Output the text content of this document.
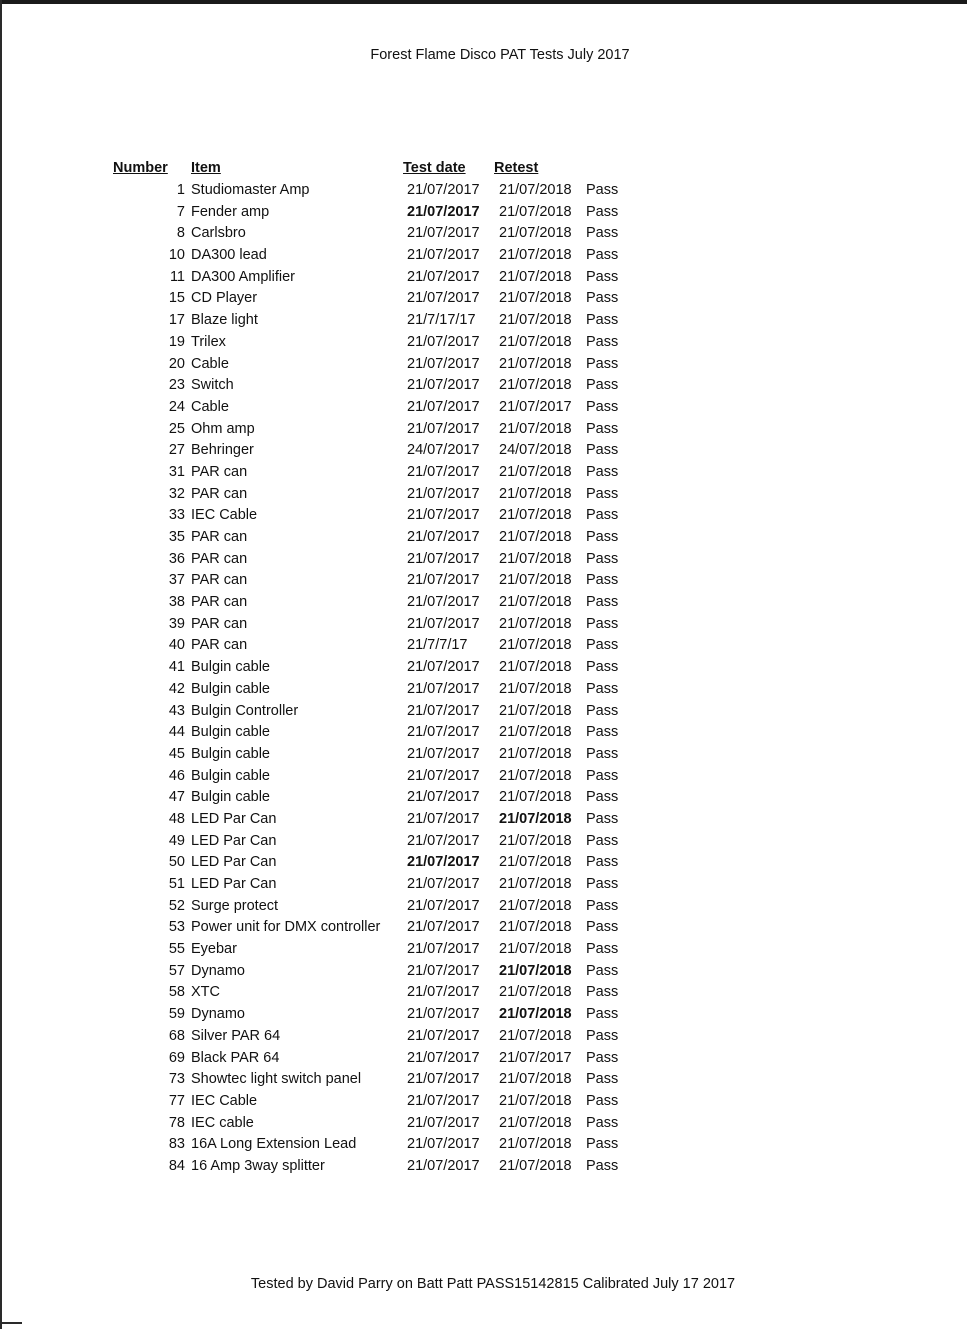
Forest Flame Disco PAT Tests July 2017
Number Item	Test date Retest
1 Studiomaster Amp	21/07/2017 21/07/2018 Pass
7 Fender amp	21/07/2017 21/07/2018 Pass
8 Carlsbro	21/07/2017 21/07/2018 Pass
10 DA300 lead	21/07/2017 21/07/2018 Pass
11 DA300 Amplifier	21/07/2017 21/07/2018 Pass
15 CD Player	21/07/2017 21/07/2018 Pass
17 Blaze light	21/7/17/17 21/07/2018 Pass
19 Trilex	21/07/2017 21/07/2018 Pass
20 Cable	21/07/2017 21/07/2018 Pass
23 Switch	21/07/2017 21/07/2018 Pass
24 Cable	21/07/2017 21/07/2017 Pass
25 Ohm amp	21/07/2017 21/07/2018 Pass
27 Behringer	24/07/2017 24/07/2018 Pass
31 PAR can	21/07/2017 21/07/2018 Pass
32 PAR can	21/07/2017 21/07/2018 Pass
33 IEC Cable	21/07/2017 21/07/2018 Pass
35 PAR can	21/07/2017 21/07/2018 Pass
36 PAR can	21/07/2017 21/07/2018 Pass
37 PAR can	21/07/2017 21/07/2018 Pass
38 PAR can	21/07/2017 21/07/2018 Pass
39 PAR can	21/07/2017 21/07/2018 Pass
40 PAR can	21/7/7/17 21/07/2018 Pass
41 Bulgin cable	21/07/2017 21/07/2018 Pass
42 Bulgin cable	21/07/2017 21/07/2018 Pass
43 Bulgin Controller	21/07/2017 21/07/2018 Pass
44 Bulgin cable	21/07/2017 21/07/2018 Pass
45 Bulgin cable	21/07/2017 21/07/2018 Pass
46 Bulgin cable	21/07/2017 21/07/2018 Pass
47 Bulgin cable	21/07/2017 21/07/2018 Pass
48 LED Par Can	21/07/2017 21/07/2018 Pass
49 LED Par Can	21/07/2017 21/07/2018 Pass
50 LED Par Can	21/07/2017 21/07/2018 Pass
51 LED Par Can	21/07/2017 21/07/2018 Pass
52 Surge protect	21/07/2017 21/07/2018 Pass
53 Power unit for DMX controller 21/07/2017 21/07/2018 Pass
55 Eyebar	21/07/2017 21/07/2018 Pass
57 Dynamo	21/07/2017 21/07/2018 Pass
58 XTC	21/07/2017 21/07/2018 Pass
59 Dynamo	21/07/2017 21/07/2018 Pass
68 Silver PAR 64	21/07/2017 21/07/2018 Pass
69 Black PAR 64	21/07/2017 21/07/2017 Pass
73 Showtec light switch panel	21/07/2017 21/07/2018 Pass
77 IEC Cable	21/07/2017 21/07/2018 Pass
78 IEC cable	21/07/2017 21/07/2018 Pass
83 16A Long Extension Lead	21/07/2017 21/07/2018 Pass
84 16 Amp 3way splitter	21/07/2017 21/07/2018 Pass
Tested by David Parry on Batt Patt PASS15142815 Calibrated July 17 2017
